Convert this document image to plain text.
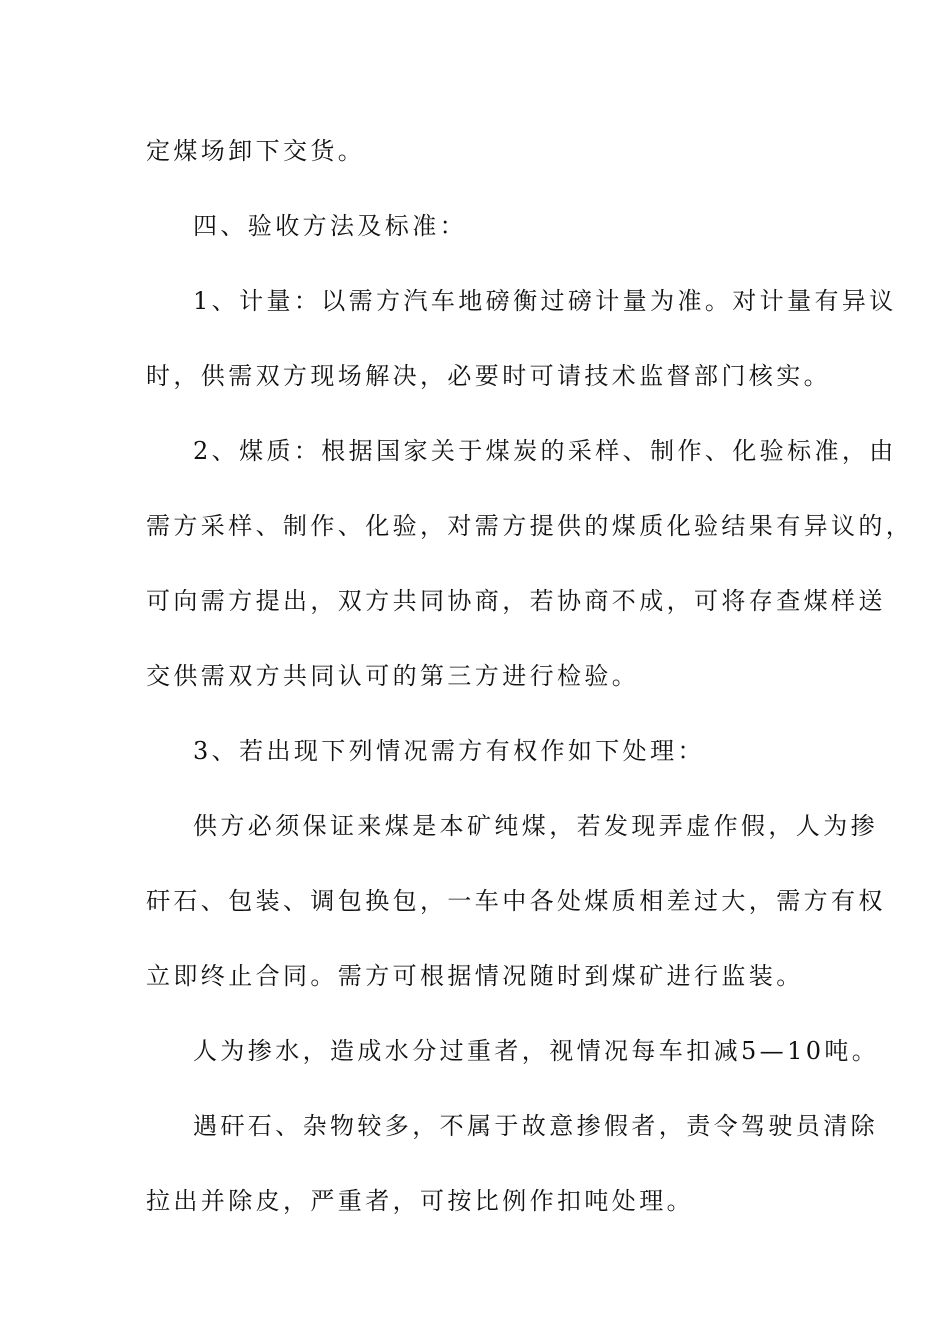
定煤场卸下交货。
四、验收方法及标准：
1、计量：以需方汽车地磅衡过磅计量为准。对计量有异议
时，供需双方现场解决，必要时可请技术监督部门核实。
2、煤质：根据国家关于煤炭的采样、制作、化验标准，由
需方采样、制作、化验，对需方提供的煤质化验结果有异议的，
可向需方提出，双方共同协商，若协商不成，可将存查煤样送
交供需双方共同认可的第三方进行检验。
3、若出现下列情况需方有权作如下处理：
供方必须保证来煤是本矿纯煤，若发现弄虚作假，人为掺
矸石、包装、调包换包，一车中各处煤质相差过大，需方有权
立即终止合同。需方可根据情况随时到煤矿进行监装。
人为掺水，造成水分过重者，视情况每车扣减5—10吨。
遇矸石、杂物较多，不属于故意掺假者，责令驾驶员清除
拉出并除皮，严重者，可按比例作扣吨处理。
